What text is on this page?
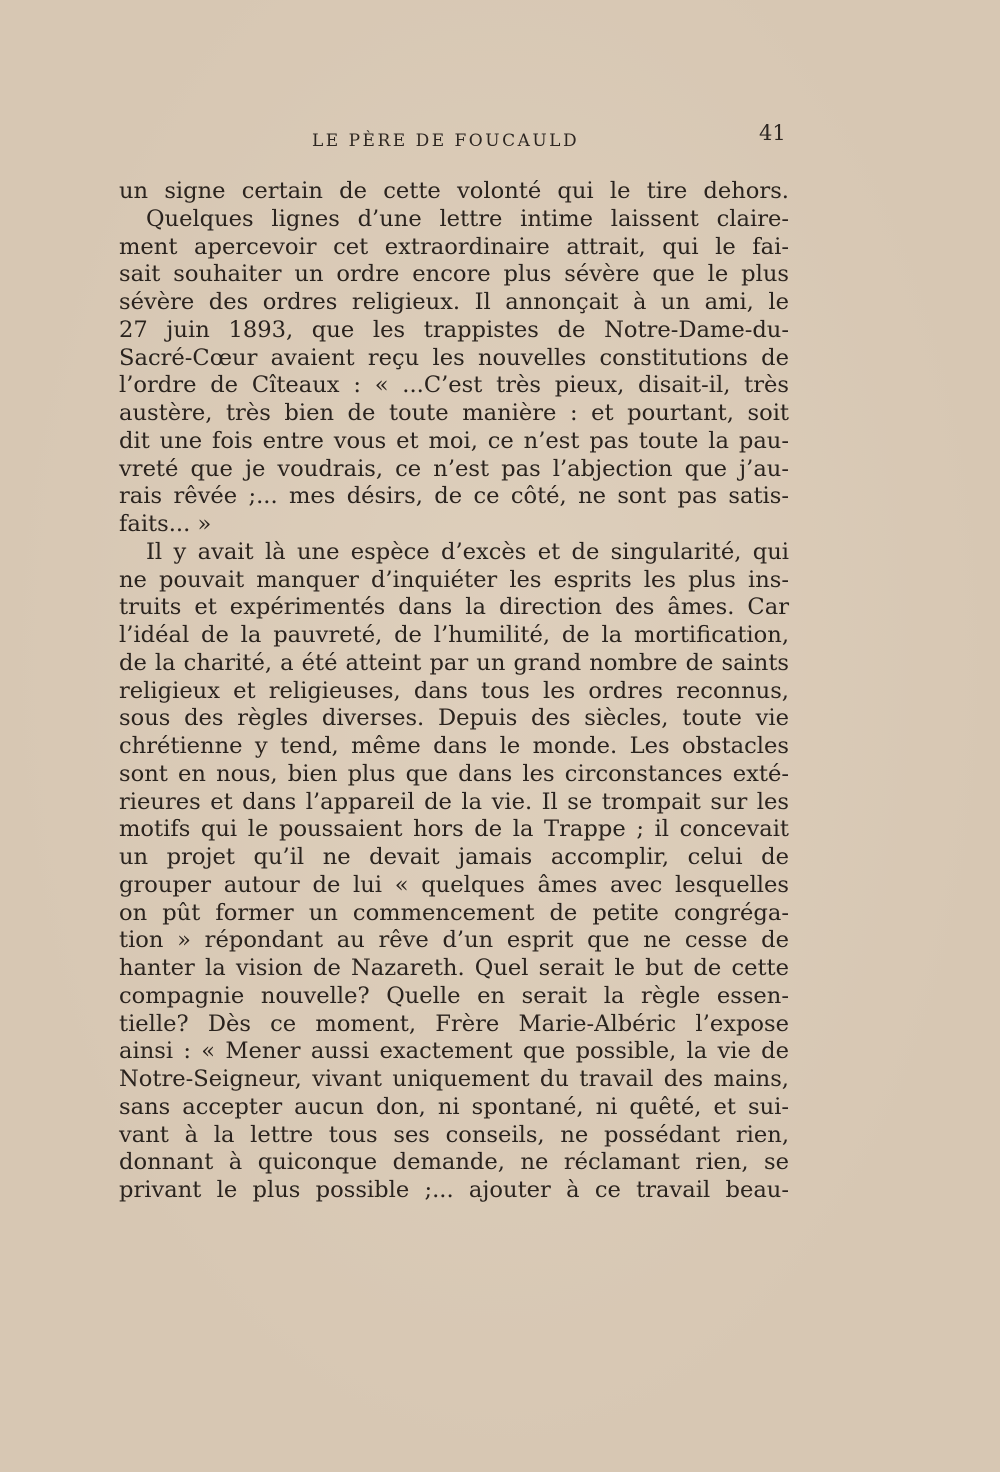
LE PÈRE DE FOUCAULD	41
un signe certain de cette volonté qui le tire dehors.
Quelques lignes d’une lettre intime laissent claire-
ment apercevoir cet extraordinaire attrait, qui le fai-
sait souhaiter un ordre encore plus sévère que le plus
sévère des ordres religieux. Il annonçait à un ami, le
27 juin 1893, que les trappistes de Notre-Dame-du-
Sacré-Cœur avaient reçu les nouvelles constitutions de
l’ordre de Cîteaux : « ...C’est très pieux, disait-il, très
austère, très bien de toute manière : et pourtant, soit
dit une fois entre vous et moi, ce n’est pas toute la pau-
vreté que je voudrais, ce n’est pas l’abjection que j’au-
rais rêvée ;... mes désirs, de ce côté, ne sont pas satis-
faits... »
Il y avait là une espèce d’excès et de singularité, qui
ne pouvait manquer d’inquiéter les esprits les plus ins-
truits et expérimentés dans la direction des âmes. Car
l’idéal de la pauvreté, de l’humilité, de la mortification,
de la charité, a été atteint par un grand nombre de saints
religieux et religieuses, dans tous les ordres reconnus,
sous des règles diverses. Depuis des siècles, toute vie
chrétienne y tend, même dans le monde. Les obstacles
sont en nous, bien plus que dans les circonstances exté-
rieures et dans l’appareil de la vie. Il se trompait sur les
motifs qui le poussaient hors de la Trappe ; il concevait
un projet qu’il ne devait jamais accomplir, celui de
grouper autour de lui « quelques âmes avec lesquelles
on pût former un commencement de petite congréga-
tion » répondant au rêve d’un esprit que ne cesse de
hanter la vision de Nazareth. Quel serait le but de cette
compagnie nouvelle? Quelle en serait la règle essen-
tielle? Dès ce moment, Frère Marie-Albéric l’expose
ainsi : « Mener aussi exactement que possible, la vie de
Notre-Seigneur, vivant uniquement du travail des mains,
sans accepter aucun don, ni spontané, ni quêté, et sui-
vant à la lettre tous ses conseils, ne possédant rien,
donnant à quiconque demande, ne réclamant rien, se
privant le plus possible ;... ajouter à ce travail beau-
